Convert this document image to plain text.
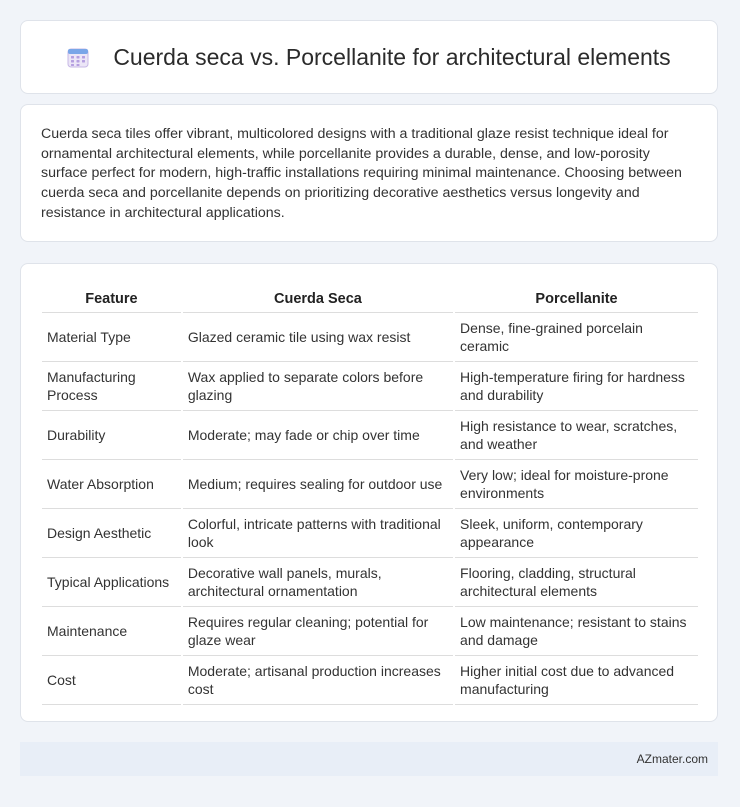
Cuerda seca vs. Porcellanite for architectural elements

Cuerda seca tiles offer vibrant, multicolored designs with a traditional glaze resist technique ideal for ornamental architectural elements, while porcellanite provides a durable, dense, and low-porosity surface perfect for modern, high-traffic installations requiring minimal maintenance. Choosing between cuerda seca and porcellanite depends on prioritizing decorative aesthetics versus longevity and resistance in architectural applications.

Feature	Cuerda Seca	Porcellanite
Material Type	Glazed ceramic tile using wax resist	Dense, fine-grained porcelain ceramic
Manufacturing Process	Wax applied to separate colors before glazing	High-temperature firing for hardness and durability
Durability	Moderate; may fade or chip over time	High resistance to wear, scratches, and weather
Water Absorption	Medium; requires sealing for outdoor use	Very low; ideal for moisture-prone environments
Design Aesthetic	Colorful, intricate patterns with traditional look	Sleek, uniform, contemporary appearance
Typical Applications	Decorative wall panels, murals, architectural ornamentation	Flooring, cladding, structural architectural elements
Maintenance	Requires regular cleaning; potential for glaze wear	Low maintenance; resistant to stains and damage
Cost	Moderate; artisanal production increases cost	Higher initial cost due to advanced manufacturing
AZmater.com
